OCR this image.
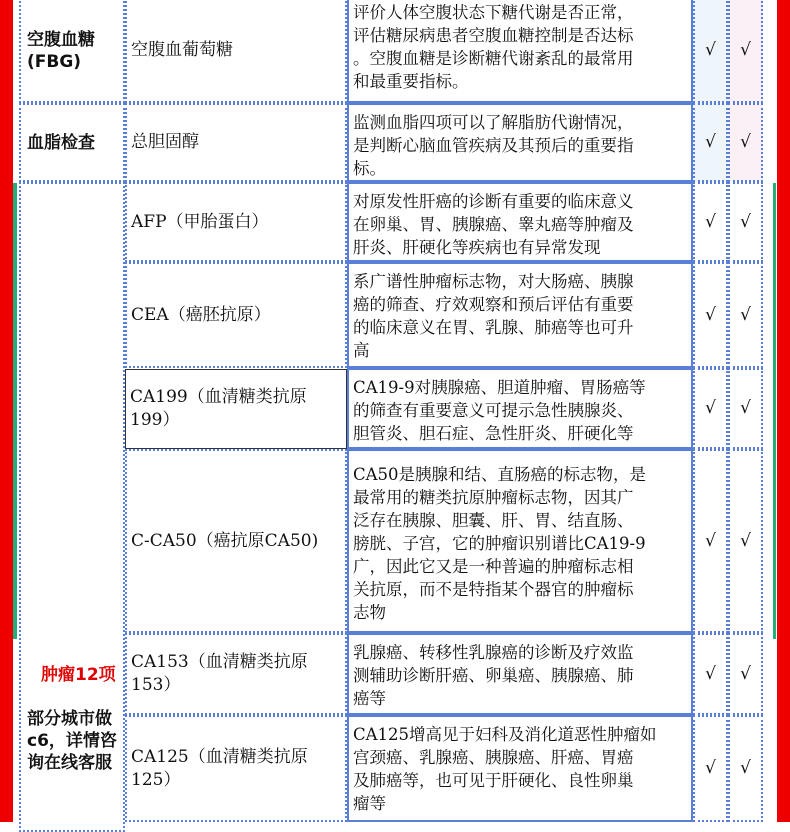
空腹血糖
(FBG)
空腹血葡萄糖
评价人体空腹状态下糖代谢是否正常，
评估糖尿病患者空腹血糖控制是否达标
。空腹血糖是诊断糖代谢紊乱的最常用
和最重要指标。
√ √
血脂检查 总胆固醇
监测血脂四项可以了解脂肪代谢情况，
是判断心脑血管疾病及其预后的重要指
标。
√ √
肿瘤12项
部分城市做
c6，详情咨
询在线客服
AFP（甲胎蛋白）
对原发性肝癌的诊断有重要的临床意义
在卵巢、胃、胰腺癌、睾丸癌等肿瘤及
肝炎、肝硬化等疾病也有异常发现
√ √
CEA（癌胚抗原）
系广谱性肿瘤标志物，对大肠癌、胰腺
癌的筛查、疗效观察和预后评估有重要
的临床意义在胃、乳腺、肺癌等也可升
高
√ √
CA199（血清糖类抗原
199）
CA19-9对胰腺癌、胆道肿瘤、胃肠癌等
的筛查有重要意义可提示急性胰腺炎、
胆管炎、胆石症、急性肝炎、肝硬化等
√ √
C-CA50（癌抗原CA50)
CA50是胰腺和结、直肠癌的标志物，是
最常用的糖类抗原肿瘤标志物，因其广
泛存在胰腺、胆囊、肝、胃、结直肠、
膀胱、子宫，它的肿瘤识别谱比CA19-9
广，因此它又是一种普遍的肿瘤标志相
关抗原，而不是特指某个器官的肿瘤标
志物
√ √
CA153（血清糖类抗原
153）
乳腺癌、转移性乳腺癌的诊断及疗效监
测辅助诊断肝癌、卵巢癌、胰腺癌、肺
癌等
√ √
CA125（血清糖类抗原
125）
CA125增高见于妇科及消化道恶性肿瘤如
宫颈癌、乳腺癌、胰腺癌、肝癌、胃癌
及肺癌等，也可见于肝硬化、良性卵巢
瘤等
√ √
